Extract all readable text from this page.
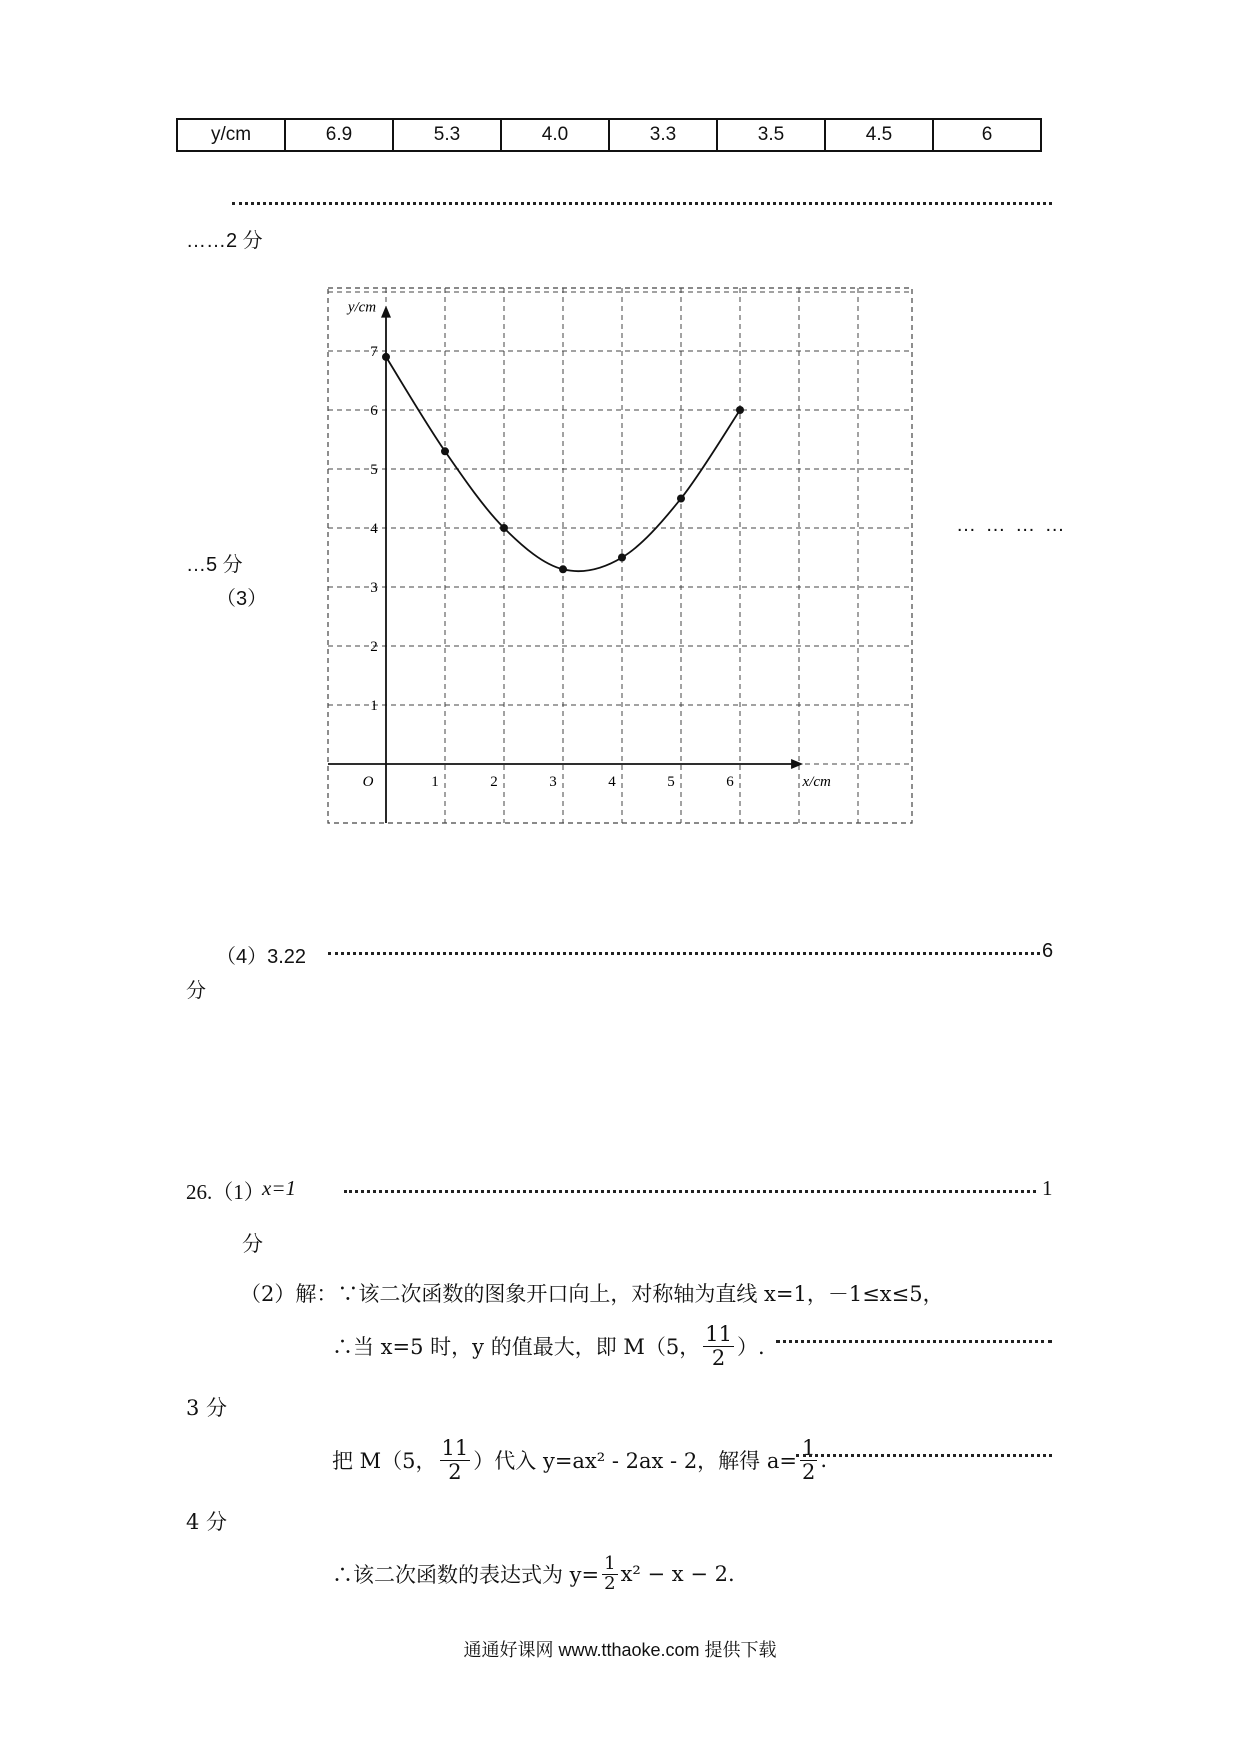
y/cm	6.9	5.3	4.0	3.3	3.5	4.5	6
……2 分
1	2	3	4	5	6
1
2
3
4
5
6
7
O	x/cm
y/cm
… … … …
…5 分
（3）
（4）3.22	6
分
26.（1）
x=1	1
分
（2）解：∵该二次函数的图象开口向上，对称轴为直线 x=1，－1≤x≤5，
∴当 x=5 时，y 的值最大，即 M（5， $\frac{11}{2}$ ）.
3 分
把 M（5， $\frac{11}{2}$ ）代入 y=ax² - 2ax - 2，解得 $a= \frac{1}{2}$ .
4 分
∴该二次函数的表达式为 $y= \frac{1}{2} x^2 - x - 2$.
通通好课网 www.tthaoke.com 提供下载
